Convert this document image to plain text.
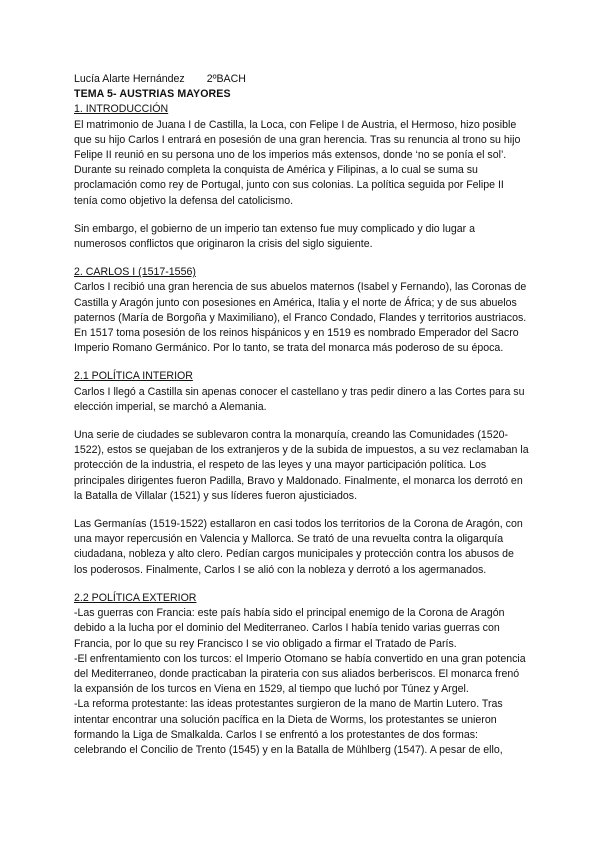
Lucía Alarte Hernández 2ºBACH
TEMA 5- AUSTRIAS MAYORES
1. INTRODUCCIÓN

El matrimonio de Juana I de Castilla, la Loca, con Felipe I de Austria, el Hermoso, hizo posible que su hijo Carlos I entrará en posesión de una gran herencia. Tras su renuncia al trono su hijo Felipe II reunió en su persona uno de los imperios más extensos, donde ‘no se ponía el sol’. Durante su reinado completa la conquista de América y Filipinas, a lo cual se suma su proclamación como rey de Portugal, junto con sus colonias. La política seguida por Felipe II tenía como objetivo la defensa del catolicismo.

Sin embargo, el gobierno de un imperio tan extenso fue muy complicado y dio lugar a numerosos conflictos que originaron la crisis del siglo siguiente.

2. CARLOS I (1517-1556)

Carlos I recibió una gran herencia de sus abuelos maternos (Isabel y Fernando), las Coronas de Castilla y Aragón junto con posesiones en América, Italia y el norte de África; y de sus abuelos paternos (María de Borgoña y Maximiliano), el Franco Condado, Flandes y territorios austriacos. En 1517 toma posesión de los reinos hispánicos y en 1519 es nombrado Emperador del Sacro Imperio Romano Germánico. Por lo tanto, se trata del monarca más poderoso de su época.

2.1 POLÍTICA INTERIOR

Carlos I llegó a Castilla sin apenas conocer el castellano y tras pedir dinero a las Cortes para su elección imperial, se marchó a Alemania.

Una serie de ciudades se sublevaron contra la monarquía, creando las Comunidades (1520-1522), estos se quejaban de los extranjeros y de la subida de impuestos, a su vez reclamaban la protección de la industria, el respeto de las leyes y una mayor participación política. Los principales dirigentes fueron Padilla, Bravo y Maldonado. Finalmente, el monarca los derrotó en la Batalla de Villalar (1521) y sus líderes fueron ajusticiados.

Las Germanías (1519-1522) estallaron en casi todos los territorios de la Corona de Aragón, con una mayor repercusión en Valencia y Mallorca. Se trató de una revuelta contra la oligarquía ciudadana, nobleza y alto clero. Pedían cargos municipales y protección contra los abusos de los poderosos. Finalmente, Carlos I se alió con la nobleza y derrotó a los agermanados.

2.2 POLÍTICA EXTERIOR

-Las guerras con Francia: este país había sido el principal enemigo de la Corona de Aragón debido a la lucha por el dominio del Mediterraneo. Carlos I había tenido varias guerras con Francia, por lo que su rey Francisco I se vio obligado a firmar el Tratado de París.

-El enfrentamiento con los turcos: el Imperio Otomano se había convertido en una gran potencia del Mediterraneo, donde practicaban la pirateria con sus aliados berberiscos. El monarca frenó la expansión de los turcos en Viena en 1529, al tiempo que luchó por Túnez y Argel.

-La reforma protestante: las ideas protestantes surgieron de la mano de Martin Lutero. Tras intentar encontrar una solución pacífica en la Dieta de Worms, los protestantes se unieron formando la Liga de Smalkalda. Carlos I se enfrentó a los protestantes de dos formas: celebrando el Concilio de Trento (1545) y en la Batalla de Mühlberg (1547). A pesar de ello,
